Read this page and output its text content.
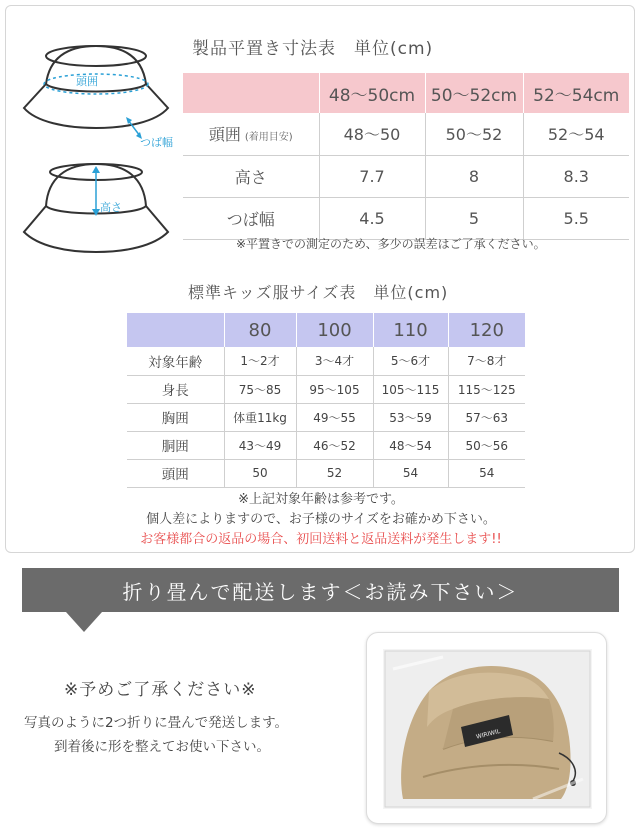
頭囲
つば幅
高さ
製品平置き寸法表　単位(cm)
	48〜50cm	50〜52cm	52〜54cm
頭囲 (着用目安)	48〜50	50〜52	52〜54
高さ	7.7	8	8.3
つば幅	4.5	5	5.5
※平置きでの測定のため、多少の誤差はご了承ください。
標準キッズ服サイズ表　単位(cm)
	80	100	110	120
対象年齢	1〜2才	3〜4才	5〜6才	7〜8才
身長	75〜85	95〜105	105〜115	115〜125
胸囲	体重11kg	49〜55	53〜59	57〜63
胴囲	43〜49	46〜52	48〜54	50〜56
頭囲	50	52	54	54
※上記対象年齢は参考です。
個人差によりますので、お子様のサイズをお確かめ下さい。
お客様都合の返品の場合、初回送料と返品送料が発生します!!
折り畳んで配送します＜お読み下さい＞
※予めご了承ください※
写真のように2つ折りに畳んで発送します。
到着後に形を整えてお使い下さい。
WIRIWIL
